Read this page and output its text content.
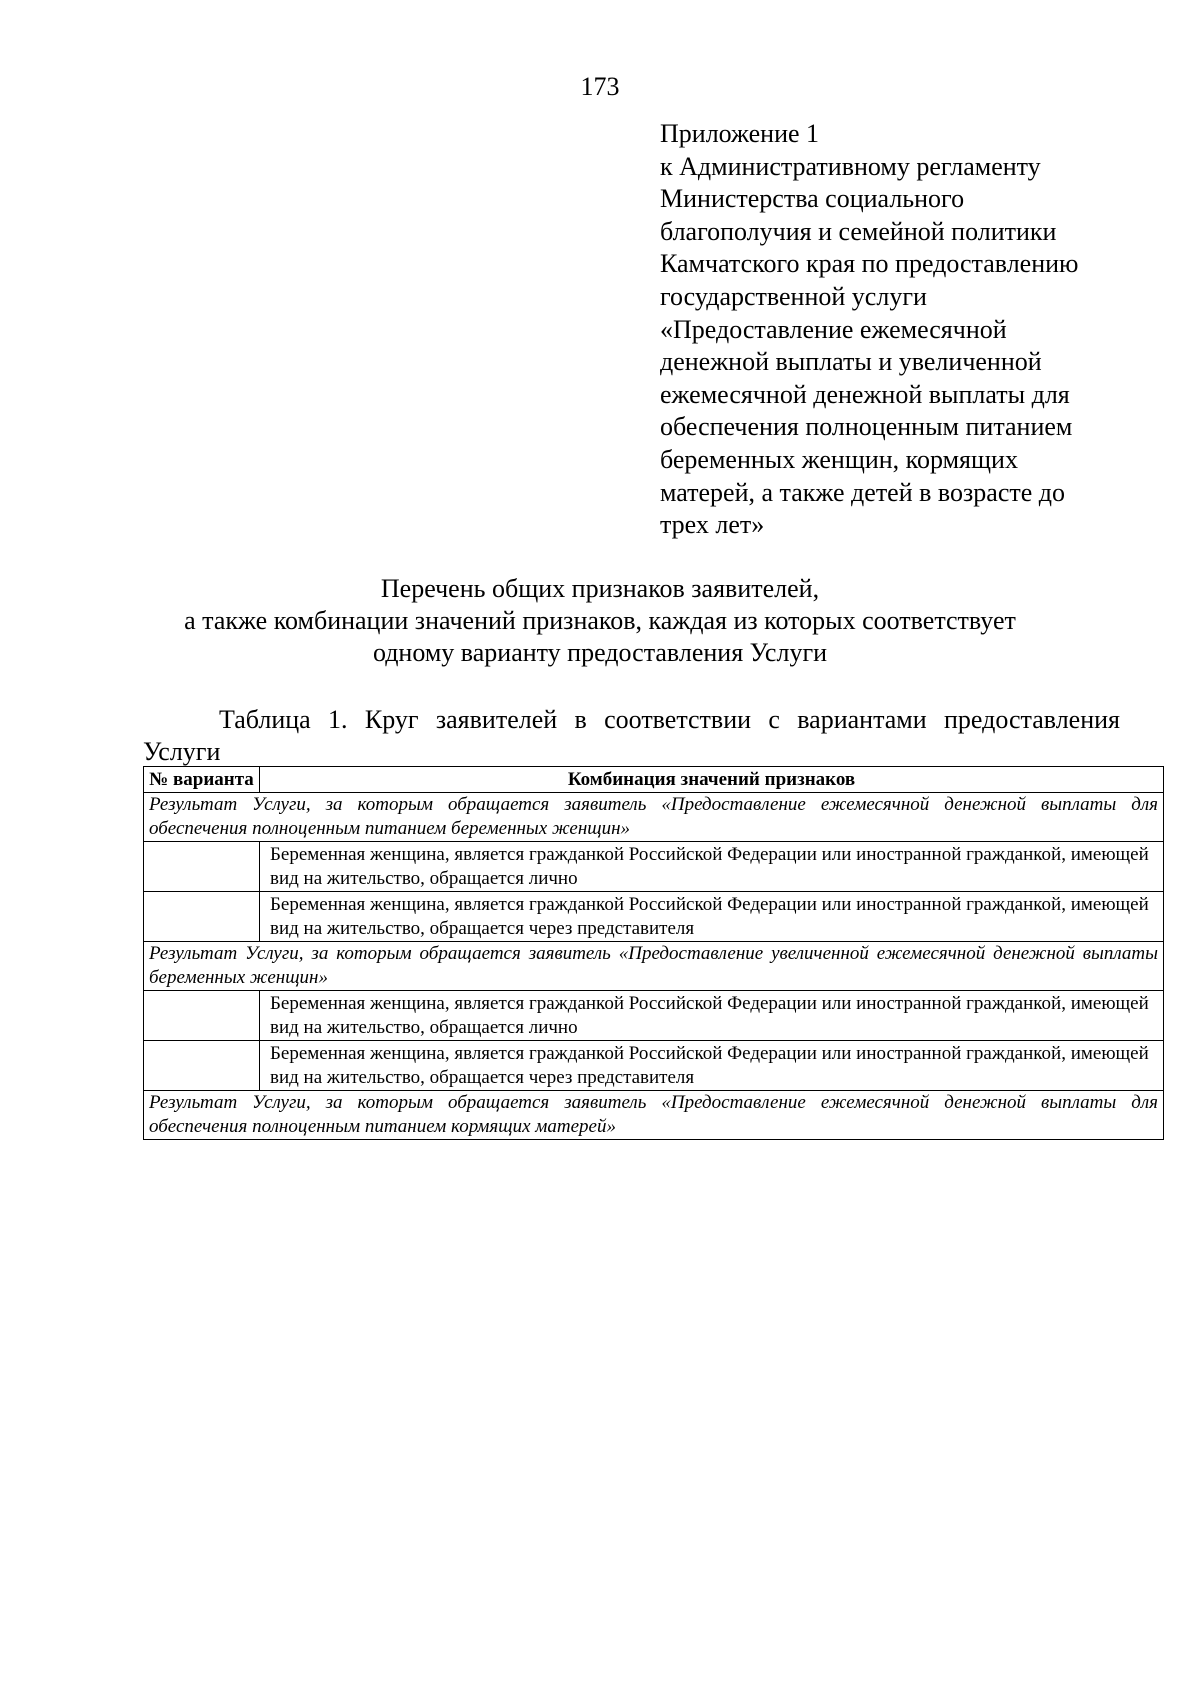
173
Приложение 1
к Административному регламенту
Министерства социального
благополучия и семейной политики
Камчатского края по предоставлению
государственной услуги
«Предоставление ежемесячной
денежной выплаты и увеличенной
ежемесячной денежной выплаты для
обеспечения полноценным питанием
беременных женщин, кормящих
матерей, а также детей в возрасте до
трех лет»
Перечень общих признаков заявителей,
а также комбинации значений признаков, каждая из которых соответствует
одному варианту предоставления Услуги
Таблица 1. Круг заявителей в соответствии с вариантами предоставления
Услуги
№ варианта	Комбинация значений признаков
Результат Услуги, за которым обращается заявитель «Предоставление ежемесячной денежной выплаты для обеспечения полноценным питанием беременных женщин»	
	Беременная женщина, является гражданкой Российской Федерации или иностранной гражданкой, имеющей вид на жительство, обращается лично
	Беременная женщина, является гражданкой Российской Федерации или иностранной гражданкой, имеющей вид на жительство, обращается через представителя
Результат Услуги, за которым обращается заявитель «Предоставление увеличенной ежемесячной денежной выплаты беременных женщин»	
	Беременная женщина, является гражданкой Российской Федерации или иностранной гражданкой, имеющей вид на жительство, обращается лично
	Беременная женщина, является гражданкой Российской Федерации или иностранной гражданкой, имеющей вид на жительство, обращается через представителя
Результат Услуги, за которым обращается заявитель «Предоставление ежемесячной денежной выплаты для обеспечения полноценным питанием кормящих матерей»	
